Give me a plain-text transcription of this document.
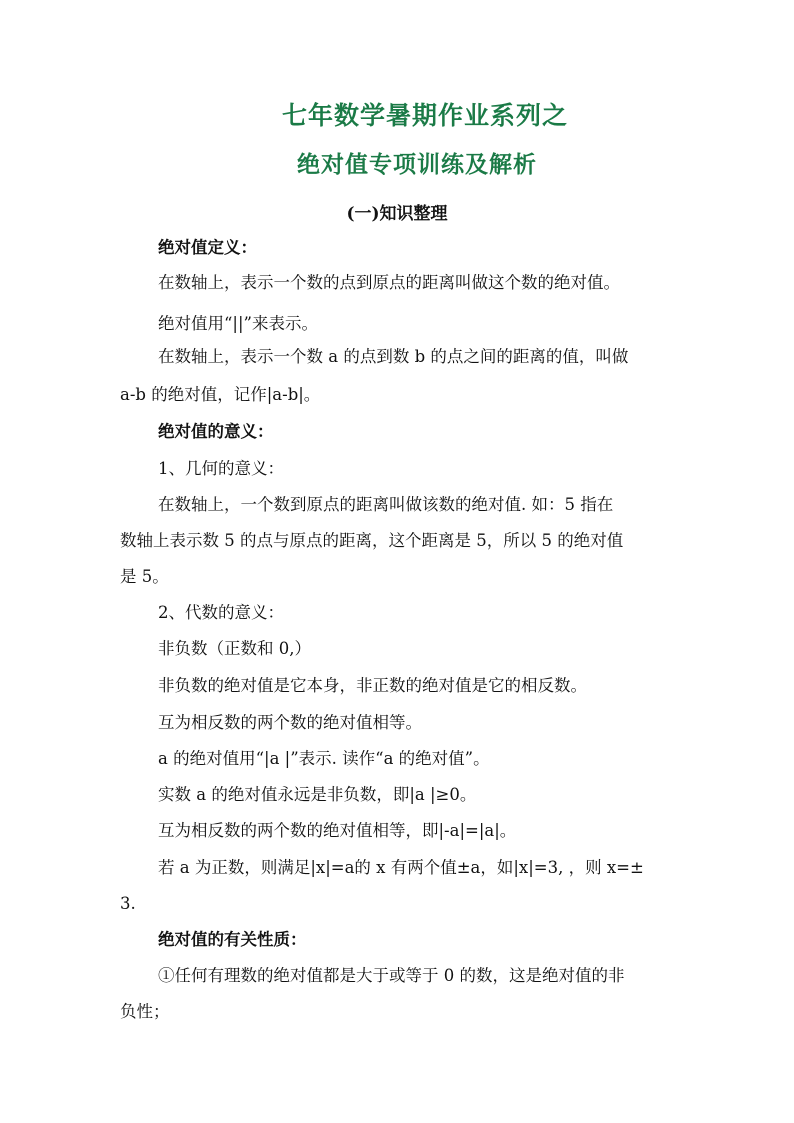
七年数学暑期作业系列之
绝对值专项训练及解析
(一)知识整理
绝对值定义：
在数轴上，表示一个数的点到原点的距离叫做这个数的绝对值。
绝对值用“||”来表示。
在数轴上，表示一个数 a 的点到数 b 的点之间的距离的值，叫做
a-b 的绝对值，记作|a-b|。
绝对值的意义：
1、几何的意义：
在数轴上，一个数到原点的距离叫做该数的绝对值. 如：5 指在
数轴上表示数 5 的点与原点的距离，这个距离是 5，所以 5 的绝对值
是 5。
2、代数的意义：
非负数（正数和 0,）
非负数的绝对值是它本身，非正数的绝对值是它的相反数。
互为相反数的两个数的绝对值相等。
a 的绝对值用“|a |”表示. 读作“a 的绝对值”。
实数 a 的绝对值永远是非负数，即|a |≥0。
互为相反数的两个数的绝对值相等，即|-a|=|a|。
若 a 为正数，则满足|x|=a的 x 有两个值±a，如|x|=3, ，则 x=±
3.
绝对值的有关性质：
①任何有理数的绝对值都是大于或等于 0 的数，这是绝对值的非
负性；
